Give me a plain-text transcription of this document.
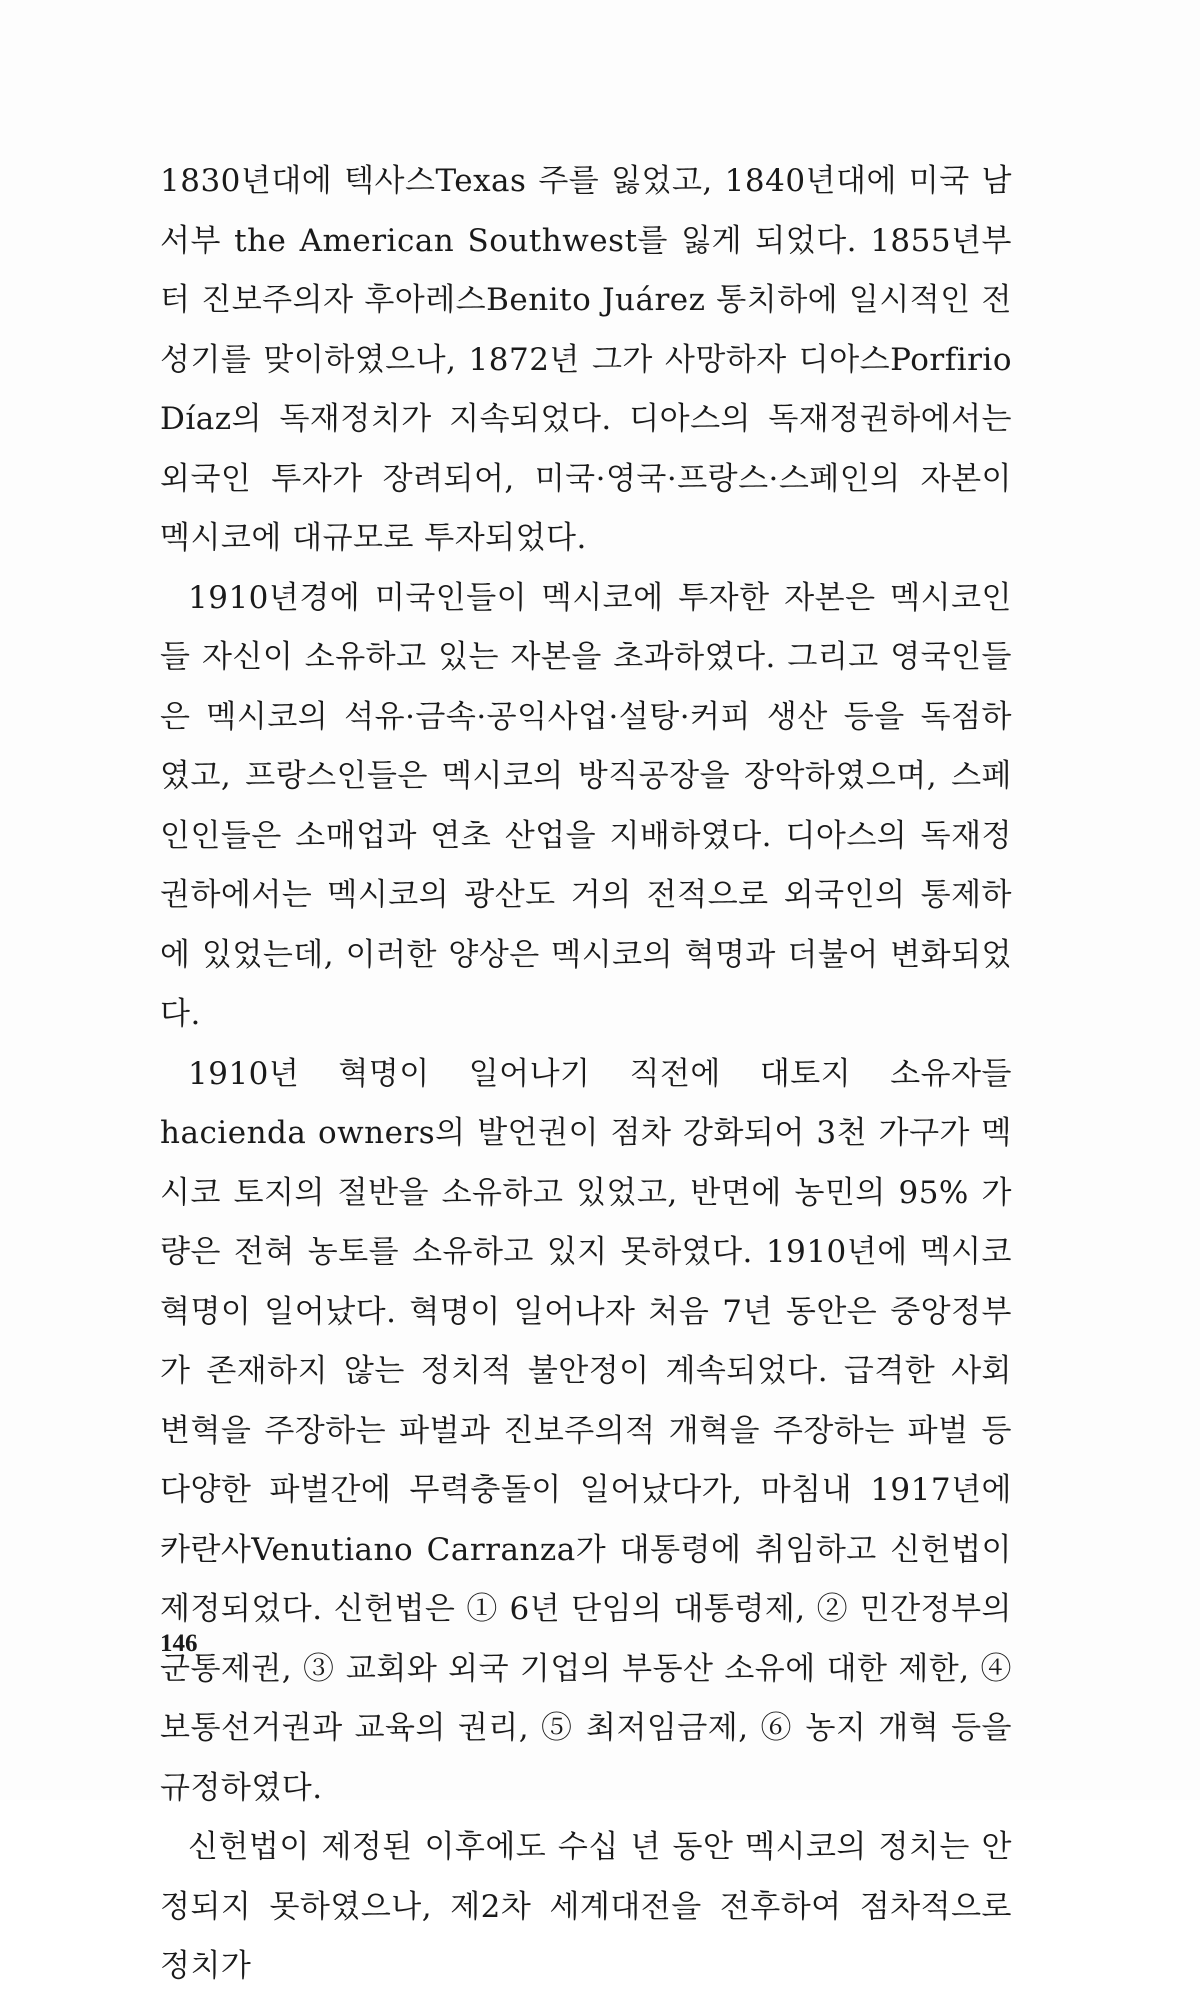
1830년대에 텍사스Texas 주를 잃었고, 1840년대에 미국 남서부 the American Southwest를 잃게 되었다. 1855년부터 진보주의자 후아레스Benito Juárez 통치하에 일시적인 전성기를 맞이하였으나, 1872년 그가 사망하자 디아스Porfirio Díaz의 독재정치가 지속되었다. 디아스의 독재정권하에서는 외국인 투자가 장려되어, 미국·영국·프랑스·스페인의 자본이 멕시코에 대규모로 투자되었다.

1910년경에 미국인들이 멕시코에 투자한 자본은 멕시코인들 자신이 소유하고 있는 자본을 초과하였다. 그리고 영국인들은 멕시코의 석유·금속·공익사업·설탕·커피 생산 등을 독점하였고, 프랑스인들은 멕시코의 방직공장을 장악하였으며, 스페인인들은 소매업과 연초 산업을 지배하였다. 디아스의 독재정권하에서는 멕시코의 광산도 거의 전적으로 외국인의 통제하에 있었는데, 이러한 양상은 멕시코의 혁명과 더불어 변화되었다.

1910년 혁명이 일어나기 직전에 대토지 소유자들hacienda owners의 발언권이 점차 강화되어 3천 가구가 멕시코 토지의 절반을 소유하고 있었고, 반면에 농민의 95% 가량은 전혀 농토를 소유하고 있지 못하였다. 1910년에 멕시코혁명이 일어났다. 혁명이 일어나자 처음 7년 동안은 중앙정부가 존재하지 않는 정치적 불안정이 계속되었다. 급격한 사회 변혁을 주장하는 파벌과 진보주의적 개혁을 주장하는 파벌 등 다양한 파벌간에 무력충돌이 일어났다가, 마침내 1917년에 카란사Venutiano Carranza가 대통령에 취임하고 신헌법이 제정되었다. 신헌법은 ① 6년 단임의 대통령제, ② 민간정부의 군통제권, ③ 교회와 외국 기업의 부동산 소유에 대한 제한, ④ 보통선거권과 교육의 권리, ⑤ 최저임금제, ⑥ 농지 개혁 등을 규정하였다.

신헌법이 제정된 이후에도 수십 년 동안 멕시코의 정치는 안정되지 못하였으나, 제2차 세계대전을 전후하여 점차적으로 정치가

146
